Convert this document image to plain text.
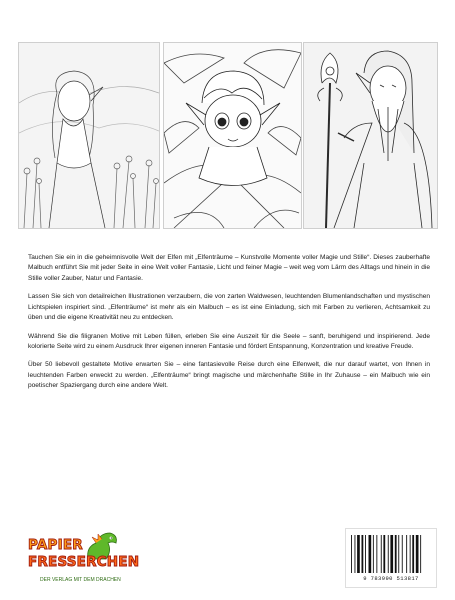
Tauchen Sie ein in die geheimnisvolle Welt der Elfen mit „Elfenträume – Kunstvolle Momente voller Magie und Stille“. Dieses zauberhafte Malbuch entführt Sie mit jeder Seite in eine Welt voller Fantasie, Licht und feiner Magie – weit weg vom Lärm des Alltags und hinein in die Stille voller Zauber, Natur und Fantasie.

Lassen Sie sich von detailreichen Illustrationen verzaubern, die von zarten Waldwesen, leuchtenden Blumenlandschaften und mystischen Lichtspielen inspiriert sind. „Elfenträume“ ist mehr als ein Malbuch – es ist eine Einladung, sich mit Farben zu verlieren, Achtsamkeit zu üben und die eigene Kreativität neu zu entdecken.

Während Sie die filigranen Motive mit Leben füllen, erleben Sie eine Auszeit für die Seele – sanft, beruhigend und inspirierend. Jede kolorierte Seite wird zu einem Ausdruck Ihrer eigenen inneren Fantasie und fördert Entspannung, Konzentration und kreative Freude.

Über 50 liebevoll gestaltete Motive erwarten Sie – eine fantasievolle Reise durch eine Elfenwelt, die nur darauf wartet, von Ihnen in leuchtenden Farben erweckt zu werden. „Elfenträume“ bringt magische und märchenhafte Stille in Ihr Zuhause – ein Malbuch wie ein poetischer Spaziergang durch eine andere Welt.

PAPIER
FRESSERCHEN
DER VERLAG MIT DEM DRACHEN	9 783990 513817
